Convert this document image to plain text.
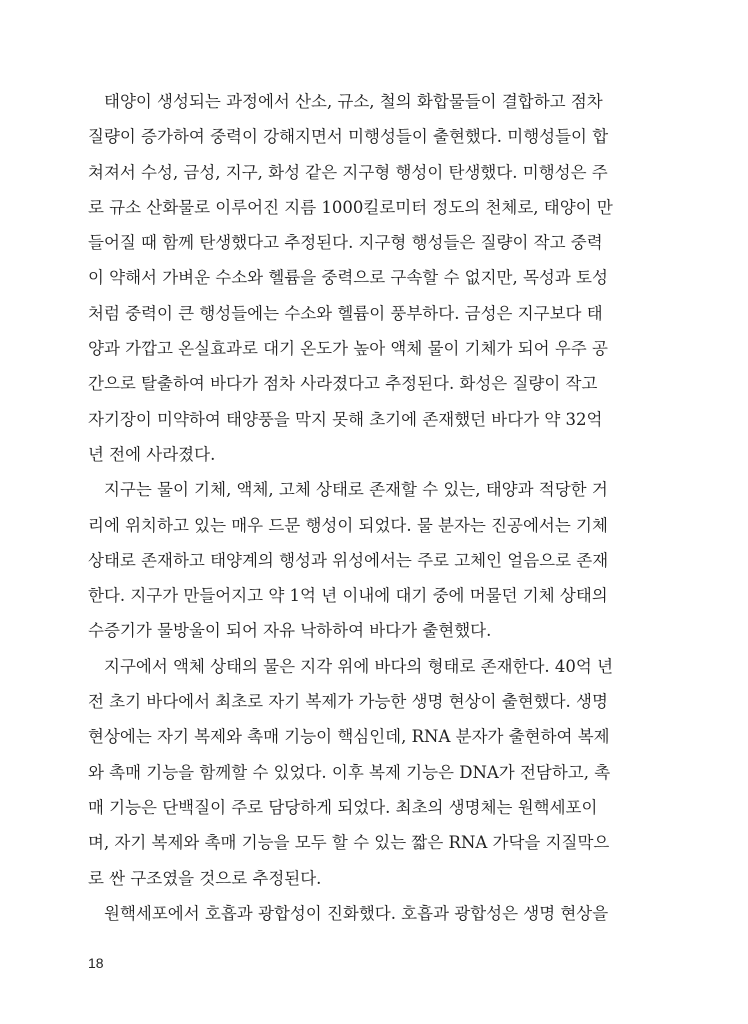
태양이 생성되는 과정에서 산소, 규소, 철의 화합물들이 결합하고 점차
질량이 증가하여 중력이 강해지면서 미행성들이 출현했다. 미행성들이 합
쳐져서 수성, 금성, 지구, 화성 같은 지구형 행성이 탄생했다. 미행성은 주
로 규소 산화물로 이루어진 지름 1000킬로미터 정도의 천체로, 태양이 만
들어질 때 함께 탄생했다고 추정된다. 지구형 행성들은 질량이 작고 중력
이 약해서 가벼운 수소와 헬륨을 중력으로 구속할 수 없지만, 목성과 토성
처럼 중력이 큰 행성들에는 수소와 헬륨이 풍부하다. 금성은 지구보다 태
양과 가깝고 온실효과로 대기 온도가 높아 액체 물이 기체가 되어 우주 공
간으로 탈출하여 바다가 점차 사라졌다고 추정된다. 화성은 질량이 작고
자기장이 미약하여 태양풍을 막지 못해 초기에 존재했던 바다가 약 32억
년 전에 사라졌다.
지구는 물이 기체, 액체, 고체 상태로 존재할 수 있는, 태양과 적당한 거
리에 위치하고 있는 매우 드문 행성이 되었다. 물 분자는 진공에서는 기체
상태로 존재하고 태양계의 행성과 위성에서는 주로 고체인 얼음으로 존재
한다. 지구가 만들어지고 약 1억 년 이내에 대기 중에 머물던 기체 상태의
수증기가 물방울이 되어 자유 낙하하여 바다가 출현했다.
지구에서 액체 상태의 물은 지각 위에 바다의 형태로 존재한다. 40억 년
전 초기 바다에서 최초로 자기 복제가 가능한 생명 현상이 출현했다. 생명
현상에는 자기 복제와 촉매 기능이 핵심인데, RNA 분자가 출현하여 복제
와 촉매 기능을 함께할 수 있었다. 이후 복제 기능은 DNA가 전담하고, 촉
매 기능은 단백질이 주로 담당하게 되었다. 최초의 생명체는 원핵세포이
며, 자기 복제와 촉매 기능을 모두 할 수 있는 짧은 RNA 가닥을 지질막으
로 싼 구조였을 것으로 추정된다.
원핵세포에서 호흡과 광합성이 진화했다. 호흡과 광합성은 생명 현상을
18
